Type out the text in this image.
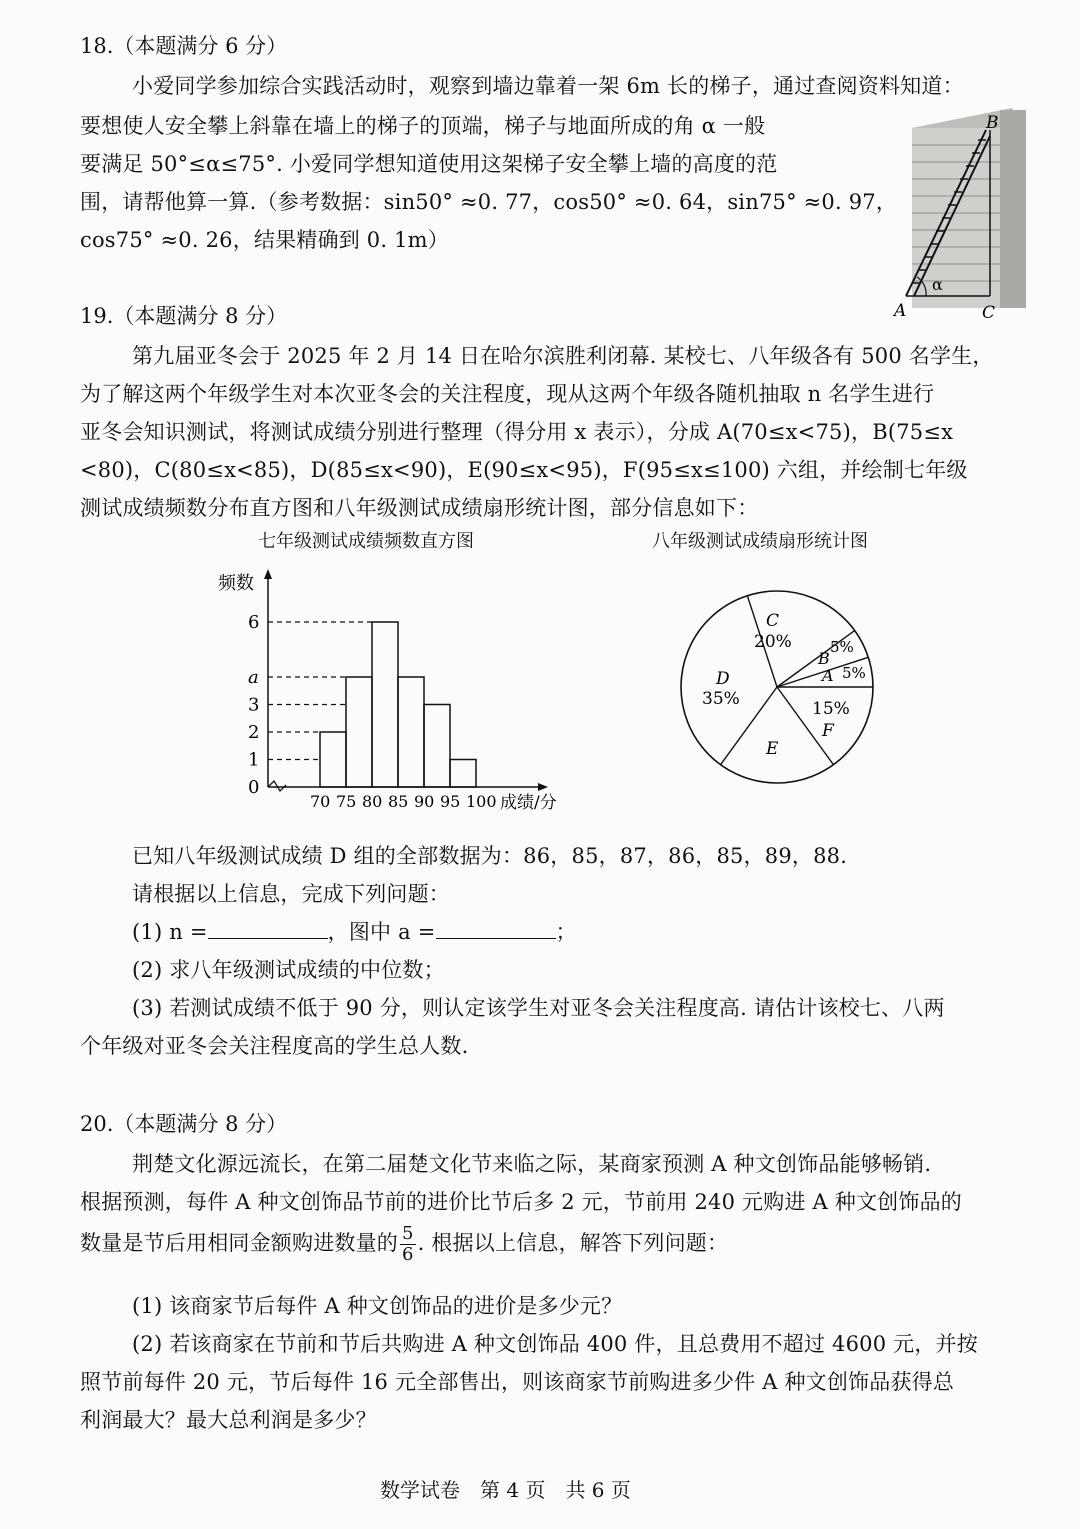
18.（本题满分 6 分）
小爱同学参加综合实践活动时，观察到墙边靠着一架 6m 长的梯子，通过查阅资料知道：
要想使人安全攀上斜靠在墙上的梯子的顶端，梯子与地面所成的角 α 一般
要满足 50°≤α≤75°. 小爱同学想知道使用这架梯子安全攀上墙的高度的范
围，请帮他算一算.（参考数据：sin50° ≈0. 77，cos50° ≈0. 64，sin75° ≈0. 97，
cos75° ≈0. 26，结果精确到 0. 1m）
α
A	C
B
19.（本题满分 8 分）
第九届亚冬会于 2025 年 2 月 14 日在哈尔滨胜利闭幕. 某校七、八年级各有 500 名学生，
为了解这两个年级学生对本次亚冬会的关注程度，现从这两个年级各随机抽取 n 名学生进行
亚冬会知识测试，将测试成绩分别进行整理（得分用 x 表示），分成 A(70≤x<75)，B(75≤x
<80)，C(80≤x<85)，D(85≤x<90)，E(90≤x<95)，F(95≤x≤100) 六组，并绘制七年级
测试成绩频数分布直方图和八年级测试成绩扇形统计图，部分信息如下：
七年级测试成绩频数直方图	八年级测试成绩扇形统计图
频数
成绩/分
0
1
2
3
a
6
70 75 80 85 90 95 100
C
20%	5%
B
A 5%
15%
F
E
D
35%
已知八年级测试成绩 D 组的全部数据为：86，85，87，86，85，89，88.
请根据以上信息，完成下列问题：
(1) n =	，图中 a =	；
(2) 求八年级测试成绩的中位数；
(3) 若测试成绩不低于 90 分，则认定该学生对亚冬会关注程度高. 请估计该校七、八两
个年级对亚冬会关注程度高的学生总人数.
20.（本题满分 8 分）
荆楚文化源远流长，在第二届楚文化节来临之际，某商家预测 A 种文创饰品能够畅销.
根据预测，每件 A 种文创饰品节前的进价比节后多 2 元，节前用 240 元购进 A 种文创饰品的
数量是节后用相同金额购进数量的 $\frac{5}{6}$ . 根据以上信息，解答下列问题：
(1) 该商家节后每件 A 种文创饰品的进价是多少元？
(2) 若该商家在节前和节后共购进 A 种文创饰品 400 件，且总费用不超过 4600 元，并按
照节前每件 20 元，节后每件 16 元全部售出，则该商家节前购进多少件 A 种文创饰品获得总
利润最大？最大总利润是多少？
数学试卷　第 4 页　共 6 页
